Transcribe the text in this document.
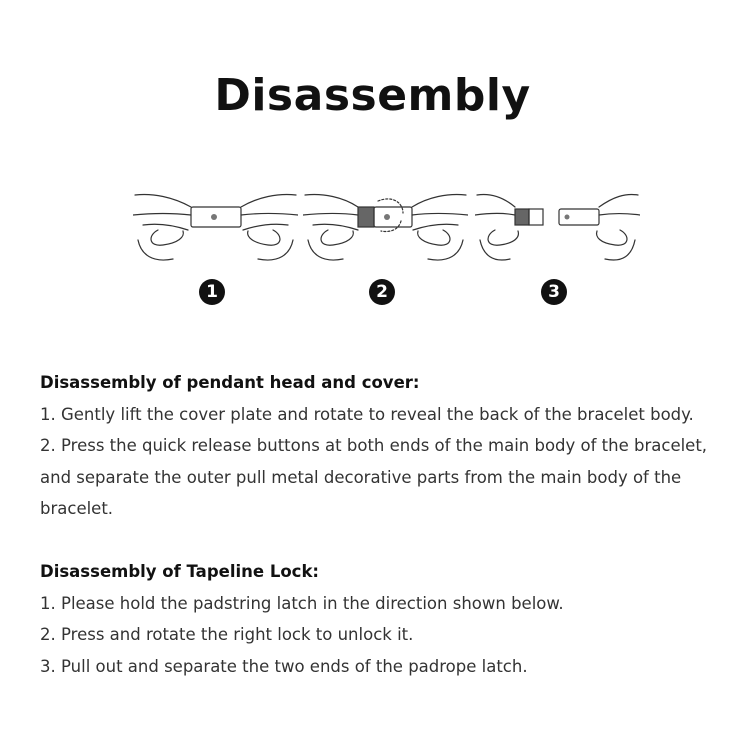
Disassembly
1	2	3
Disassembly of pendant head and cover:
1. Gently lift the cover plate and rotate to reveal the back of the bracelet body.
2. Press the quick release buttons at both ends of the main body of the bracelet,
and separate the outer pull metal decorative parts from the main body of the
bracelet.
Disassembly of Tapeline Lock:
1. Please hold the padstring latch in the direction shown below.
2. Press and rotate the right lock to unlock it.
3. Pull out and separate the two ends of the padrope latch.
